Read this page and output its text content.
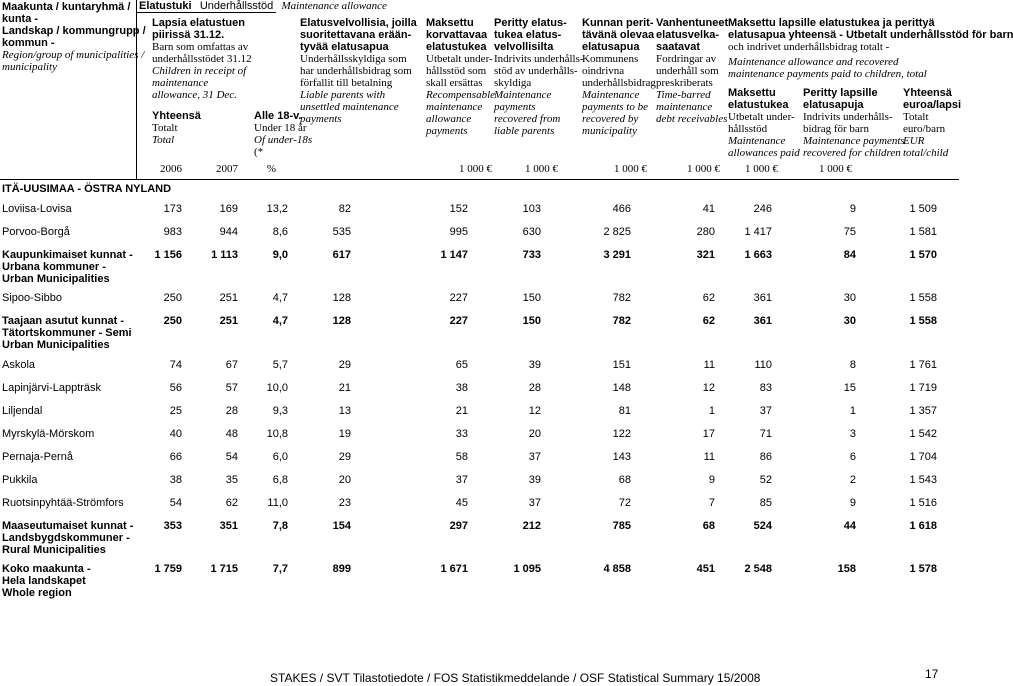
Maakunta / kuntaryhmä /
kunta -
Landskap / kommungrupp /
kommun -
Region/group of municipalities /
municipality
Elatustuki Underhållsstöd Maintenance allowance
Lapsia elatustuen
piirissä 31.12.
Barn som omfattas av
underhållsstödet 31.12
Children in receipt of
maintenance
allowance, 31 Dec.
Yhteensä
Totalt
Total
Alle 18-v.
Under 18 år
Of under-18s
(*
Elatusvelvollisia, joilla
suoritettavana erään-
tyvää elatusapua
Underhållsskyldiga som
har underhållsbidrag som
förfallit till betalning
Liable parents with
unsettled maintenance
payments
Maksettu
korvattavaa
elatustukea
Utbetalt under-
hållsstöd som
skall ersättas
Recompensable
maintenance
allowance
payments
Peritty elatus-
tukea elatus-
velvollisilta
Indrivits underhålls-
stöd av underhålls-
skyldiga
Maintenance
payments
recovered from
liable parents
Kunnan perit-
tävänä olevaa
elatusapua
Kommunens
oindrivna
underhållsbidrag
Maintenance
payments to be
recovered by
municipality
Vanhentuneet
elatusvelka-
saatavat
Fordringar av
underhåll som
preskriberats
Time-barred
maintenance
debt receivables
Maksettu lapsille elatustukea ja perittyä
elatusapua yhteensä - Utbetalt underhållsstöd för barn
och indrivet underhållsbidrag totalt -
Maintenance allowance and recovered
maintenance payments paid to children, total
Maksettu
elatustukea
Utbetalt under-
hållsstöd
Maintenance
allowances paid
Peritty lapsille
elatusapuja
Indrivits underhålls-
bidrag för barn
Maintenance payments
recovered for children
Yhteensä
euroa/lapsi
Totalt
euro/barn
EUR
total/child
2006	2007	%	1 000 €	1 000 €	1 000 €	1 000 €	1 000 €	1 000 €
ITÄ-UUSIMAA - ÖSTRA NYLAND
Loviisa-Lovisa	173	169	13,2	82	152	103	466	41	246	9	1 509
Porvoo-Borgå	983	944	8,6	535	995	630	2 825	280	1 417	75	1 581
Kaupunkimaiset kunnat -
Urbana kommuner -
Urban Municipalities
1 156	1 113	9,0	617	1 147	733	3 291	321	1 663	84	1 570
Sipoo-Sibbo	250	251	4,7	128	227	150	782	62	361	30	1 558
Taajaan asutut kunnat -
Tätortskommuner - Semi
Urban Municipalities
250	251	4,7	128	227	150	782	62	361	30	1 558
Askola	74	67	5,7	29	65	39	151	11	110	8	1 761
Lapinjärvi-Lappträsk	56	57	10,0	21	38	28	148	12	83	15	1 719
Liljendal	25	28	9,3	13	21	12	81	1	37	1	1 357
Myrskylä-Mörskom	40	48	10,8	19	33	20	122	17	71	3	1 542
Pernaja-Pernå	66	54	6,0	29	58	37	143	11	86	6	1 704
Pukkila	38	35	6,8	20	37	39	68	9	52	2	1 543
Ruotsinpyhtää-Strömfors	54	62	11,0	23	45	37	72	7	85	9	1 516
Maaseutumaiset kunnat -
Landsbygdskommuner -
Rural Municipalities
353	351	7,8	154	297	212	785	68	524	44	1 618
Koko maakunta -
Hela landskapet
Whole region
1 759	1 715	7,7	899	1 671	1 095	4 858	451	2 548	158	1 578
STAKES / SVT Tilastotiedote / FOS Statistikmeddelande / OSF Statistical Summary 15/2008	17
